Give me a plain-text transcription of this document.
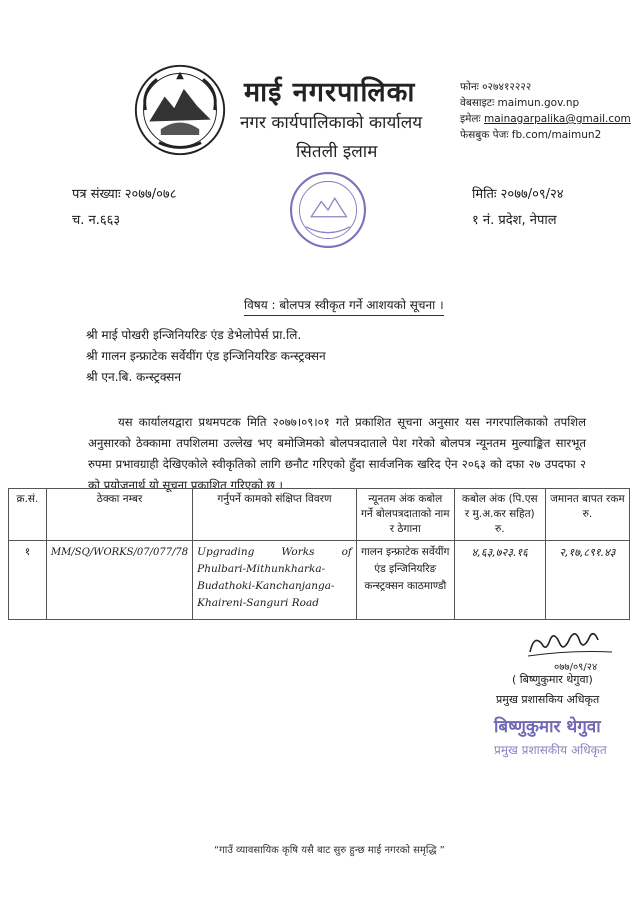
माई नगरपालिका
नगर कार्यपालिकाको कार्यालय
सितली इलाम
फोनः ०२७४१२२२२
वेबसाइटः maimun.gov.np
इमेलः mainagarpalika@gmail.com
फेसबुक पेजः fb.com/maimun2
पत्र संख्याः २०७७/०७८
च. न.६६३
मितिः २०७७/०९/२४
१ नं. प्रदेश, नेपाल
विषय : बोलपत्र स्वीकृत गर्ने आशयको सूचना ।
श्री माई पोखरी इन्जिनियरिङ एंड डेभेलोपेर्स प्रा.लि.
श्री गालन इन्फ्राटेक सर्वेयींग एंड इन्जिनियरिङ कन्स्ट्रक्सन
श्री एन.बि. कन्स्ट्रक्सन
यस कार्यालयद्वारा प्रथमपटक मिति २०७७।०९।०१ गते प्रकाशित सूचना अनुसार यस नगरपालिकाको तपशिल अनुसारको ठेक्कामा तपशिलमा उल्लेख भए बमोजिमको बोलपत्रदाताले पेश गरेको बोलपत्र न्यूनतम मुल्याङ्कित सारभूत रुपमा प्रभावग्राही देखिएकोले स्वीकृतिको लागि छनौट गरिएको हुँदा सार्वजनिक खरिद ऐन २०६३ को दफा २७ उपदफा २ को प्रयोजनार्थ यो सूचना प्रकाशित गरिएको छ ।
क्र.सं.	ठेक्का नम्बर	गर्नुपर्ने कामको संक्षिप्त विवरण	न्यूनतम अंक कबोल गर्ने बोलपत्रदाताको नाम र ठेगाना	कबोल अंक (पि.एस र मु.अ.कर सहित) रु.	जमानत बापत रकम रु.
१	MM/SQ/WORKS/07/077/78	Upgrading Works of Phulbari-Mithunkharka-Budathoki-Kanchanjanga-Khaireni-Sanguri Road	गालन इन्फ्राटेक सर्वेयींग एंड इन्जिनियरिङ कन्स्ट्रक्सन काठमाण्डौ	४,६३,७२३.१६	२,१७,८९१.४३
०७७/०९/२४
( बिष्णुकुमार थेगुवा)
प्रमुख प्रशासकिय अधिकृत
बिष्णुकुमार थेगुवा
प्रमुख प्रशासकीय अधिकृत
“गाउँ व्यावसायिक कृषि यसै बाट सुरु हुन्छ माई नगरको समृद्धि ”
